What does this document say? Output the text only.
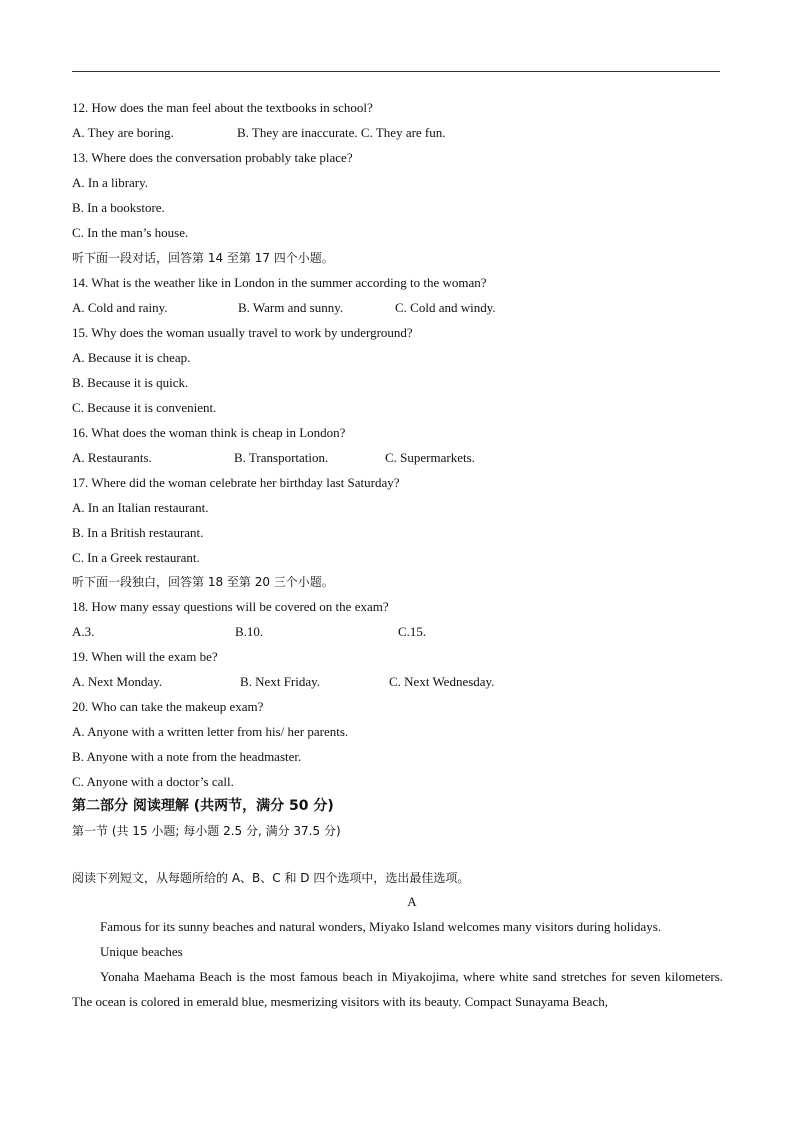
12. How does the man feel about the textbooks in school?
A. They are boring.	B. They are inaccurate. C. They are fun.
13. Where does the conversation probably take place?
A. In a library.
B. In a bookstore.
C. In the man’s house.
听下面一段对话，回答第 14 至第 17 四个小题。
14. What is the weather like in London in the summer according to the woman?
A. Cold and rainy.	B. Warm and sunny.	C. Cold and windy.
15. Why does the woman usually travel to work by underground?
A. Because it is cheap.
B. Because it is quick.
C. Because it is convenient.
16. What does the woman think is cheap in London?
A. Restaurants.	B. Transportation.	C. Supermarkets.
17. Where did the woman celebrate her birthday last Saturday?
A. In an Italian restaurant.
B. In a British restaurant.
C. In a Greek restaurant.
听下面一段独白，回答第 18 至第 20 三个小题。
18. How many essay questions will be covered on the exam?
A.3.	B.10.	C.15.
19. When will the exam be?
A. Next Monday.	B. Next Friday.	C. Next Wednesday.
20. Who can take the makeup exam?
A. Anyone with a written letter from his/ her parents.
B. Anyone with a note from the headmaster.
C. Anyone with a doctor’s call.
第二部分 阅读理解 (共两节，满分 50 分)
第一节 (共 15 小题; 每小题 2.5 分, 满分 37.5 分)
阅读下列短文，从每题所给的 A、B、C 和 D 四个选项中，选出最佳选项。
A
Famous for its sunny beaches and natural wonders, Miyako Island welcomes many visitors during holidays.
Unique beaches
Yonaha Maehama Beach is the most famous beach in Miyakojima, where white sand stretches for seven kilometers. The ocean is colored in emerald blue, mesmerizing visitors with its beauty. Compact Sunayama Beach,
